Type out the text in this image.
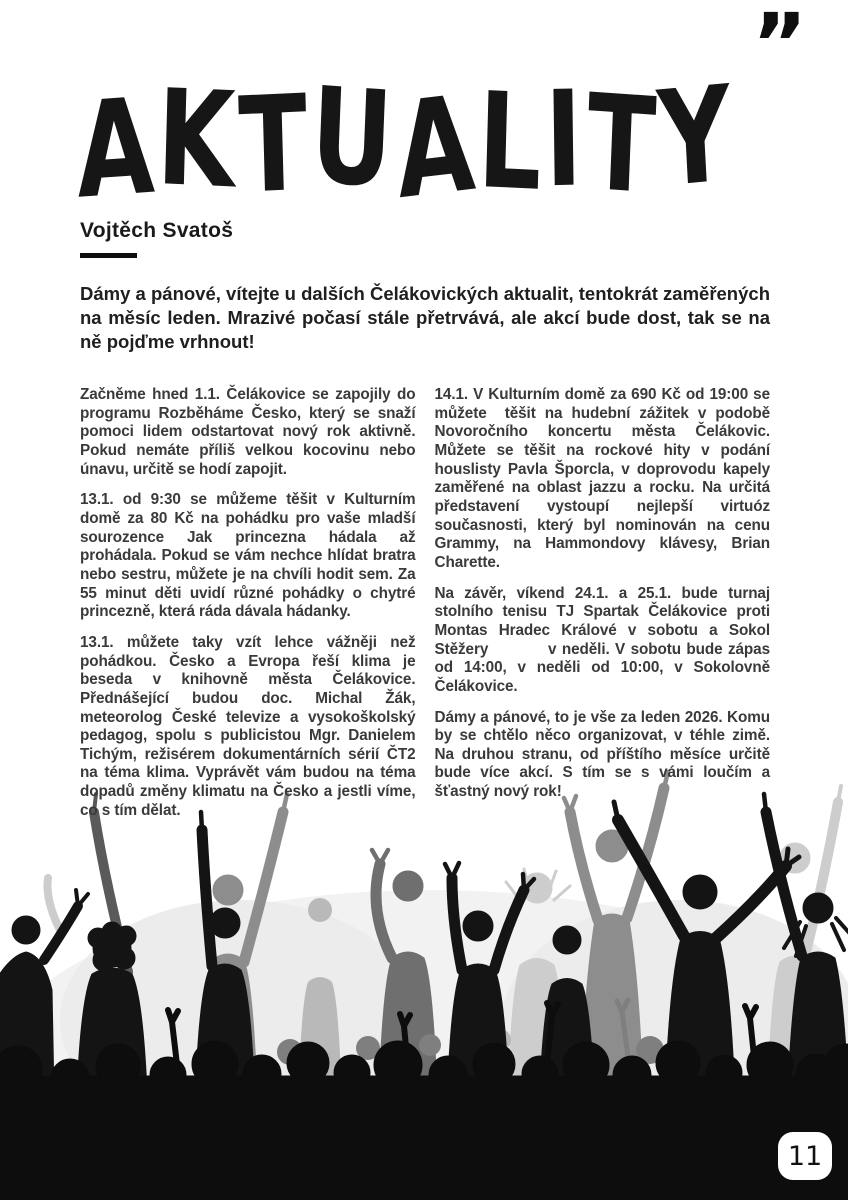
”
AKTUALITY
Vojtěch Svatoš

Dámy a pánové, vítejte u dalších Čelákovických aktualit, tentokrát zaměřených na měsíc leden. Mrazivé počasí stále přetrvává, ale akcí bude dost, tak se na ně pojďme vrhnout!

Začněme hned 1.1. Čelákovice se zapojily do programu Rozběháme Česko, který se snaží pomoci lidem odstartovat nový rok aktivně. Pokud nemáte příliš velkou kocovinu nebo únavu, určitě se hodí zapojit.

13.1. od 9:30 se můžeme těšit v Kulturním domě za 80 Kč na pohádku pro vaše mladší sourozence Jak princezna hádala až prohádala. Pokud se vám nechce hlídat bratra nebo sestru, můžete je na chvíli hodit sem. Za 55 minut děti uvidí různé pohádky o chytré princezně, která ráda dávala hádanky.

13.1. můžete taky vzít lehce vážněji než pohádkou. Česko a Evropa řeší klima je beseda v knihovně města Čelákovice. Přednášející budou doc. Michal Žák, meteorolog České televize a vysokoškolský pedagog, spolu s publicistou Mgr. Danielem Tichým, režisérem dokumentárních sérií ČT2 na téma klima. Vyprávět vám budou na téma dopadů změny klimatu na Česko a jestli víme, co s tím dělat.

14.1. V Kulturním domě za 690 Kč od 19:00 se můžete  těšit na hudební zážitek v podobě Novoročního koncertu města Čelákovic. Můžete se těšit na rockové hity v podání houslisty Pavla Šporcla, v doprovodu kapely zaměřené na oblast jazzu a rocku. Na určitá představení vystoupí nejlepší virtuóz současnosti, který byl nominován na cenu Grammy, na Hammondovy klávesy, Brian Charette.

Na závěr, víkend 24.1. a 25.1. bude turnaj stolního tenisu TJ Spartak Čelákovice proti Montas Hradec Králové v sobotu a Sokol Stěžery           v neděli. V sobotu bude zápas od 14:00, v neděli od 10:00, v Sokolovně Čelákovice.

Dámy a pánové, to je vše za leden 2026. Komu by se chtělo něco organizovat, v téhle zimě. Na druhou stranu, od příštího měsíce určitě bude více akcí. S tím se s vámi loučím a šťastný nový rok!

11
